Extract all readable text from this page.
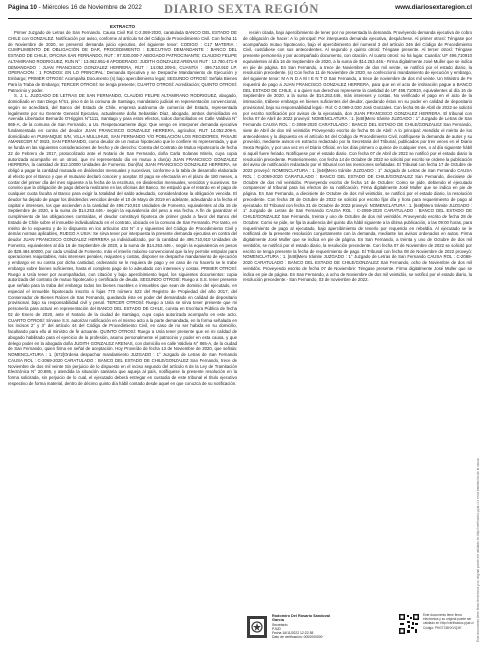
Página 10 - Miércoles 16 de Noviembre de 2022 DIARIO SEXTA REGIÓN	www.diariosextaregion.cl
EXTRACTO

Primer Juzgado de Letras de San Fernando. Causa Civil Rol C-2.069-2020, caratulada BANCO DEL ESTADO DE CHILE con GONZALEZ. Notificación por aviso, conforme al artículo 54 del Código de Procedimiento Civil. Con fecha 11 de Noviembre de 2020, se presentó demanda juicio ejecutivo, del siguiente tenor: CODIGO : C17 MATERIA : CUMPLIMIENTO DE OBLIGACIÓN DE DAR, PROCEDIMIENTO : EJECUTIVO DEMANDANTE : BANCO DEL ESTADO DE CHILE, OFICINA SAN FERNANDO, RUT : 97.030.000-7 ABOGADO PATROCINANTE: CLAUDIO FELIPE ALTAMIRANO RODRIGUEZ, RUN N° : 13.062.951-8 APODERADO: JUDITH GONZALEZ ARENAS RUT : 13.780.471-9 DEMANDADO : JUAN FRANCISCO GONZALEZ HERRERA, RUT : 14.052.209-5, CUANTÍA : 496.710.910 LP. OPERACIÓN : 1 FONDOS: EN LO PRINCIPAL: Demanda Ejecutiva y se Despache Mandamiento de Ejecución y Embargo; PRIMER OTROSÍ: Acompaña Documento (s) bajo apercibimiento legal; SEGUNDO OTROSÍ: Señala Bienes Para la Traba de Embargo; TERCER OTROSÍ: Se tenga presente; CUARTO OTROSÍ: Acreditación; QUINTO OTROSÍ: Patrocinio y poder.

S. J. L. JUZGADO DE LETRAS DE SAN FERNANDO, CLAUDIO FELIPE ALTAMIRANO RODRIGUEZ, abogado, domiciliado en San Diego N°61, piso 6 de la comuna de Santiago, mandatario judicial en representación convencional, según se acreditará, del Banco del Estado de Chile, empresa autónoma de comercio del Estado, representada legalmente por su Gerente General Ejecutivo, actualmente doña Sebastián Díaz, abogado, ambos domiciliados en Avenida Libertador Bernardo O'Higgins N°1111, Santiago y para estos efectos, todos domiciliados en Calle Valdivia N° 865-A, de la comuna de San Fernando, a Us. Respetuosamente digo: Que vengo en interponer demanda ejecutiva fundamentada en contra del deudor JUAN FRANCISCO GONZALEZ HERRERA, agricultor, RUT 14.052.209-5, domiciliado en PUMANQUE S/N, VILLA MULLIHUE, SAN FERNANDO Y/O POBLACIÓN LOS REGIDORES, PASAJE AMANECER N° 0823, SAN FERNANDO, como deudor de un mutuo hipotecario que le confiere mi representada, y que se funda en las siguientes consideraciones de hecho y de derecho: Consta del Contrato de Mutuo Hipotecario de fecha 22 de Febrero de 2017, protocolizado ante el Notario de San Fernando, doña Carla Solanas Mirelo, cuya copia autorizada acompaño en un otrosí, que mi representado dio en mutuo a don(a) JUAN FRANCISCO GONZALEZ HERRERA, la cantidad de $12.10000 Unidades de Fomento. Don(ña) JUAN FRANCISCO GONZALEZ HERRERA, se obligó a pagar la cantidad mutuada en dividendos mensuales y sucesivos, conforme a la tabla de desarrollo elaborada al efecto por el Banco y que el mutuario declaró conocer y aceptar. El pago se efectuaría en el plazo de 180 meses, a contar del primer día del mes siguiente a la fecha de la escritura, en dividendos mensuales, vencidos y sucesivos. Se convino que la obligación de pago debería realizarse en las oficinas del Banco. Se estipuló que el retardo en el pago de cualquier cuota faculta al Banco para exigir la totalidad del saldo adeudado, considerándose la obligación vencida. El deudor ha dejado de pagar los dividendos vencidos desde el 10 de Mayo de 2019 en adelante, adeudando a la fecha el capital e intereses, los que ascienden a la cantidad de 496.710,910 Unidades de Fomento, equivalentes al día 16 de Septiembre de 2020, a la suma de $14.253.446.- según la equivalencia del peso a esa fecha. A fin de garantizar el cumplimiento de las obligaciones contraídas, el deudor constituyó hipoteca de primer grado a favor del Banco del Estado de Chile sobre el inmueble individualizado en el contrato, ubicado en la comuna de San Fernando. Por tanto, en mérito de lo expuesto y de lo dispuesto en los artículos 434 N° 4 y siguientes del Código de Procedimiento Civil y demás normas aplicables, RUEGO A USIA: Se sirva tener por interpuesta la presente demanda ejecutiva en contra del deudor JUAN FRANCISCO GONZALEZ HERRERA ya individualizado, por la cantidad de 496.710,910 Unidades de Fomento, equivalentes al día 16 de Septiembre de 2020, a la suma de $14.253.446.-, según la equivalencia en pesos de $29.484.60000, por cada Unidad de Fomento, más el interés máximo convencional que la ley permite estipular para operaciones reajustables, más intereses penales, reajustes y costas, disponer se despache mandamiento de ejecución y embargo en su contra por dicha cantidad, ordenando se le requiera de pago y en caso de no hacerlo se le trabe embargo sobre bienes suficientes, hasta el completo pago de lo adeudado con intereses y costas. PRIMER OTROSÍ: Ruego a Usía tener por acompañados, con citación y bajo apercibimiento legal, los siguientes documentos: copia autorizada del contrato de mutuo hipotecario y certificado de deuda. SEGUNDO OTROSÍ: Ruego a S.S. tener presente que señalo para la traba del embargo todos los bienes muebles e inmuebles que sean de dominio del ejecutado, en especial el inmueble hipotecado inscrito a fojas 770 número 522 del Registro de Propiedad del año 2017, del Conservador de Bienes Raíces de San Fernando, quedando éste en poder del demandado en calidad de depositario provisional, bajo su responsabilidad civil y penal. TERCER OTROSÍ: Ruego a Usía se sirva tener presente que mi personería para actuar en representación del BANCO DEL ESTADO DE CHILE, consta en Escritura Pública de fecha 02 de Enero de 2020, ante el Notario de la ciudad de Santiago, cuya copia autorizada acompaño en este acto. CUARTO OTROSÍ: Sírvase S.S. autorizar notificación en el mismo acto a la parte demandada, en la forma señalada en los incisos 2° y 3° del artículo 44 del Código de Procedimiento Civil, en caso de no ser habida en su domicilio, facultando para ello al ministro de fe actuante. QUINTO OTROSÍ: Ruego a Usía tener presente que en mi calidad de abogado habilitado para el ejercicio de la profesión, asumo personalmente el patrocinio y poder en esta causa, y que delego poder en la abogada doña JUDITH GONZALEZ ARENAS, con domicilio en calle Valdivia N° 865-A, de la ciudad de San Fernando, quien firma en señal de aceptación. Hoy Proveído de fecha 13 de Noviembre de 2020, que señala: NOMENCLATURA : 1. [672]Ordena despachar mandamiento JUZGADO : 1° Juzgado de Letras de San Fernando CAUSA ROL : C-2069-2020 CARATULADO : BANCO DEL ESTADO DE CHILE/GONZALEZ San Fernando, trece de Noviembre de dos mil veinte Sin perjuicio de lo dispuesto en el inciso segundo del artículo 6 de la Ley de Tramitación Electrónica N° 20.886, y atendida la situación sanitaria que aqueja al país, notifíquese la presente resolución en la forma solicitada, sin perjuicio de lo cual, el ejecutado deberá entregar en custodia de este tribunal el título ejecutivo respectivo de forma material, dentro de décimo quinto día hábil contado desde aquel en que conozca de su notificación.

recién citada, bajo apercibimiento de tener por no presentada la demanda. Provéyendo demanda ejecutiva de cobro de obligación de hacer: A lo principal: Por interpuesta demanda ejecutiva, despáchese. Al primer otrosí: Téngase por acompañado mutuo hipotecario, bajo el apercibimiento del numeral 3 del artículo 346 del Código de Procedimiento Civil, custódiese con sus antecedentes. Al segundo y quinto otrosí: Téngase presente. Al tercer otrosí: Téngase presente personería y por acompañado documento, con citación. Al cuarto otrosí: no ha lugar. Cuantía: UF 496,710910 equivalentes al día 16 de Septiembre de 2020, a la suma de $14.253.446.- Firma digitalmente José Muller que se indica en pie de página. En San Fernando, a trece de Noviembre de dos mil veinte, se notificó por el estado diario, la resolución precedente. (s) Con fecha 11 de Noviembre de 2020, se confeccionó mandamiento de ejecución y embargo, del siguiente tenor: M A N D A M I E N T O San Fernando, a trece de noviembre de dos mil veinte. Un Ministro de Fe requerirá de pago a JUAN FRANCISCO GONZALEZ HERRERA, para que en el acto de intimación pague a BANCO DEL ESTADO DE CHILE, o a quien sus derechos represente la cantidad de UF 496,710910, equivalentes al día 16 de Septiembre de 2020, a la suma de $14.253.446, más intereses y costas. No verificado el pago en el acto de la intimación, trábese embargo en bienes suficientes del deudor, quedando éstos en su poder en calidad de depositario provisional, bajo su responsabilidad legal.- Rol: C-2.069-2.020 José Gonzales. Con fecha 06 de Abril de 2022 se solicitó por escrito notificación por avisos de la ejecutada, don JUAN FRANCISCO GONZALEZ HERRERA. El tribunal con fecha 07 de Abril de 2022 proveyó: NOMENCLATURA : 1. [648]Mero trámite JUZGADO : 1° Juzgado de Letras de San Fernando CAUSA ROL : C-2069-2020 CARATULADO : BANCO DEL ESTADO DE CHILE/GONZALEZ San Fernando, siete de Abril de dos mil veintidós Proveyendo escrito de fecha 06 de Abril: A lo principal: Atendido el mérito de los antecedentes y lo dispuesto en el artículo 54 del Código de Procedimiento Civil, notifíquese la demanda de autos y su proveído, mediante avisos en extracto redactado por la Secretaria del Tribunal, publicados por tres veces en el Diario Sexta Región, y por una vez en el Diario Oficial, en los días primero o quince de cualquier mes, o al día siguiente hábil si aquél fuere feriado. Notifíquese por el estado diario. Con fecha 07 de Abril de 2022 se notificó por el estado diario la resolución precedente. Posteriormente, con fecha 14 de Octubre de 2022 se solicitó por escrito se ordene la publicación del aviso de notificación redactado por el tribunal con las menciones señaladas. El Tribunal con fecha 17 de Octubre de 2022 proveyó: NOMENCLATURA : 1. [648]Mero trámite JUZGADO : 1° Juzgado de Letras de San Fernando CAUSA ROL : C-2069-2020 CARATULADO : BANCO DEL ESTADO DE CHILE/GONZALEZ San Fernando, diecisiete de Octubre de dos mil veintidós. Proveyendo escrito de fecha 14 de Octubre: Como se pide, debiendo el ejecutado comparecer al tribunal para los efectos de su notificación. Firma digitalmente José Muller que se indica en pie de página. En San Fernando, a diecisiete de Octubre de dos mil veintidós, se notificó por el estado diario, la resolución precedente. Con fecha 28 de Octubre de 2022 se solicitó por escrito fijar día y hora para requerimiento de pago al ejecutado. El Tribunal con fecha 31 de Octubre de 2022 proveyó: NOMENCLATURA : 1. [648]Mero trámite JUZGADO : 1° Juzgado de Letras de San Fernando CAUSA ROL : C-2069-2020 CARATULADO : BANCO DEL ESTADO DE CHILE/GONZALEZ San Fernando, treinta y uno de Octubre de dos mil veintidós. Proveyendo escrito de fecha 28 de Octubre: Como se pide, se fija la audiencia del quinto día hábil siguiente a la última publicación, a las 09:00 horas, para requerimiento de pago al ejecutado, bajo apercibimiento de tenerlo por requerido en rebeldía. Al ejecutado se le notificará de la presente resolución conjuntamente con la demanda, mediante los avisos ordenados en autos. Firma digitalmente José Muller que se indica en pie de página. En San Fernando, a treinta y uno de Octubre de dos mil veintidós, se notificó por el estado diario, la resolución precedente. Con fecha 07 de Noviembre de 2022 se solicitó por escrito se tenga presente la fecha de requerimiento de pago. El Tribunal con fecha 08 de Noviembre de 2022 proveyó: NOMENCLATURA : 1. [648]Mero trámite JUZGADO : 1° Juzgado de Letras de San Fernando CAUSA ROL : C-2069-2020 CARATULADO : BANCO DEL ESTADO DE CHILE/GONZALEZ San Fernando, ocho de Noviembre de dos mil veintidós. Proveyendo escrito de fecha 07 de Noviembre: Téngase presente. Firma digitalmente José Muller que se indica en pie de página. En San Fernando, a ocho de Noviembre de dos mil veintidós, se notificó por el estado diario, la resolución precedente.- San Fernando, 03 de noviembre de 2022.

Rodomiro Del Rosario Sandoval García
Secretario
PJUD
Fecha 16/11/2022 12:22:38
Dato de verificación: 0000000000
Este documento tiene firma electrónica y su original puede ser validado en http://verificadoc.pjud.cl
Código: PHGTCBHXVQXE	Este documento tiene firma electrónica y su original puede ser validado en http://verificadoc.pjud.cl o en la tramitación de la causa
